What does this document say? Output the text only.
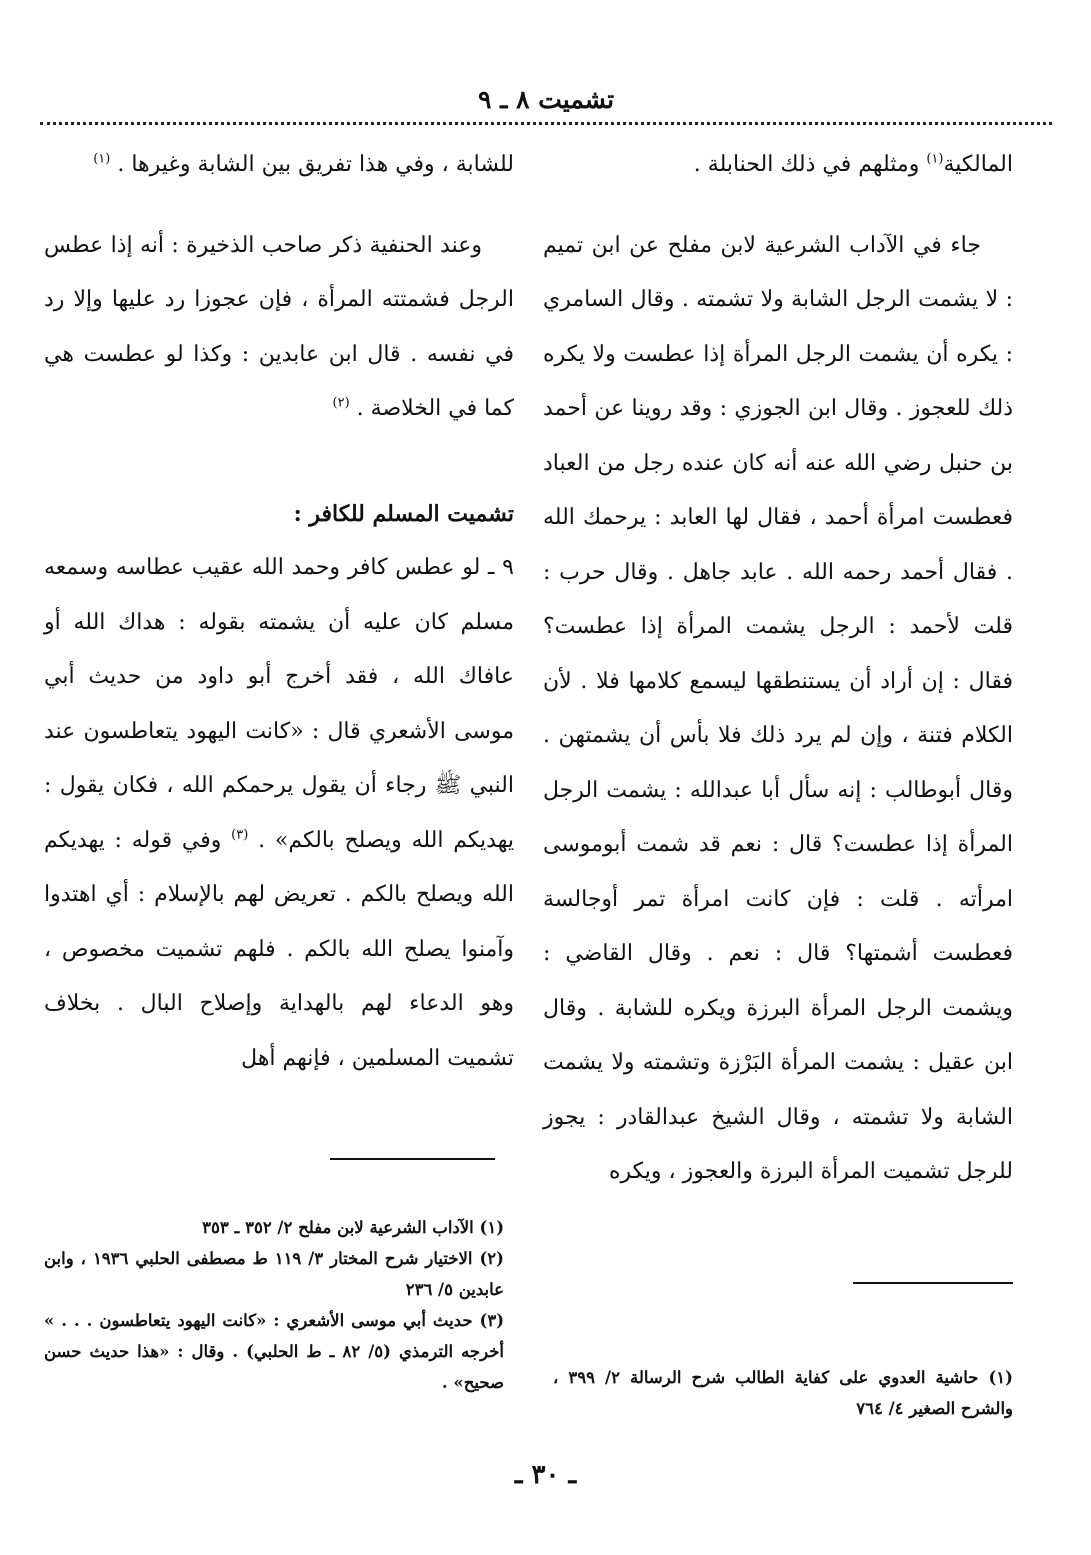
تشميت ٨ ـ ٩

المالكية$^{(١)}$ ومثلهم في ذلك الحنابلة .

جاء في الآداب الشرعية لابن مفلح عن ابن تميم : لا يشمت الرجل الشابة ولا تشمته . وقال السامري : يكره أن يشمت الرجل المرأة إذا عطست ولا يكره ذلك للعجوز . وقال ابن الجوزي : وقد روينا عن أحمد بن حنبل رضي الله عنه أنه كان عنده رجل من العباد فعطست امرأة أحمد ، فقال لها العابد : يرحمك الله . فقال أحمد رحمه الله . عابد جاهل . وقال حرب : قلت لأحمد : الرجل يشمت المرأة إذا عطست؟ فقال : إن أراد أن يستنطقها ليسمع كلامها فلا . لأن الكلام فتنة ، وإن لم يرد ذلك فلا بأس أن يشمتهن . وقال أبوطالب : إنه سأل أبا عبدالله : يشمت الرجل المرأة إذا عطست؟ قال : نعم قد شمت أبوموسى امرأته . قلت : فإن كانت امرأة تمر أوجالسة فعطست أشمتها؟ قال : نعم . وقال القاضي : ويشمت الرجل المرأة البرزة ويكره للشابة . وقال ابن عقيل : يشمت المرأة البَرْزة وتشمته ولا يشمت الشابة ولا تشمته ، وقال الشيخ عبدالقادر : يجوز للرجل تشميت المرأة البرزة والعجوز ، ويكره

للشابة ، وفي هذا تفريق بين الشابة وغيرها . $^{(١)}$

وعند الحنفية ذكر صاحب الذخيرة : أنه إذا عطس الرجل فشمتته المرأة ، فإن عجوزا رد عليها وإلا رد في نفسه . قال ابن عابدين : وكذا لو عطست هي كما في الخلاصة . $^{(٢)}$

تشميت المسلم للكافر :

٩ ـ لو عطس كافر وحمد الله عقيب عطاسه وسمعه مسلم كان عليه أن يشمته بقوله : هداك الله أو عافاك الله ، فقد أخرج أبو داود من حديث أبي موسى الأشعري قال : «كانت اليهود يتعاطسون عند النبي ﷺ رجاء أن يقول يرحمكم الله ، فكان يقول : يهديكم الله ويصلح بالكم» . $^{(٣)}$ وفي قوله : يهديكم الله ويصلح بالكم . تعريض لهم بالإسلام : أي اهتدوا وآمنوا يصلح الله بالكم . فلهم تشميت مخصوص ، وهو الدعاء لهم بالهداية وإصلاح البال . بخلاف تشميت المسلمين ، فإنهم أهل

(١) حاشية العدوي على كفاية الطالب شرح الرسالة ٢/ ٣٩٩ ، والشرح الصغير ٤/ ٧٦٤

(١) الآداب الشرعية لابن مفلح ٢/ ٣٥٢ ـ ٣٥٣

(٢) الاختيار شرح المختار ٣/ ١١٩ ط مصطفى الحلبي ١٩٣٦ ، وابن عابدين ٥/ ٢٣٦

(٣) حديث أبي موسى الأشعري : «كانت اليهود يتعاطسون . . . » أخرجه الترمذي (٥/ ٨٢ ـ ط الحلبي) . وقال : «هذا حديث حسن صحيح» .

ـ ٣٠ ـ
